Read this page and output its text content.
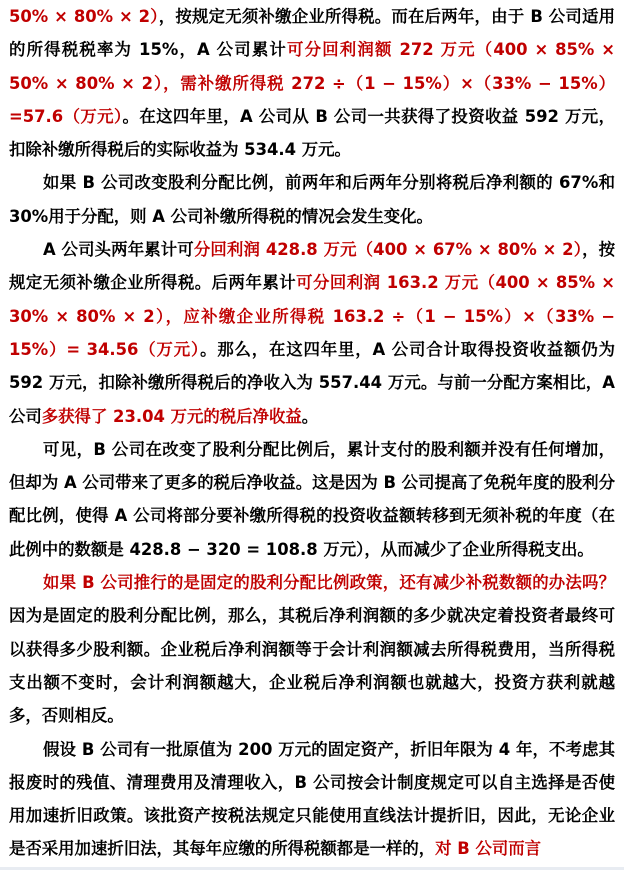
50% × 80% × 2），按规定无须补缴企业所得税。而在后两年，由于 B 公司适用的所得税税率为 15%，A 公司累计可分回利润额 272 万元（400 × 85% × 50% × 80% × 2），需补缴所得税 272 ÷（1 − 15%）×（33% − 15%）=57.6（万元）。在这四年里，A 公司从 B 公司一共获得了投资收益 592 万元，扣除补缴所得税后的实际收益为 534.4 万元。

如果 B 公司改变股利分配比例，前两年和后两年分别将税后净利额的 67%和 30%用于分配，则 A 公司补缴所得税的情况会发生变化。

A 公司头两年累计可分回利润 428.8 万元（400 × 67% × 80% × 2），按规定无须补缴企业所得税。后两年累计可分回利润 163.2 万元（400 × 85% × 30% × 80% × 2），应补缴企业所得税 163.2 ÷（1 − 15%）×（33% − 15%）= 34.56（万元）。那么，在这四年里，A 公司合计取得投资收益额仍为 592 万元，扣除补缴所得税后的净收入为 557.44 万元。与前一分配方案相比，A 公司多获得了 23.04 万元的税后净收益。

可见，B 公司在改变了股利分配比例后，累计支付的股利额并没有任何增加，但却为 A 公司带来了更多的税后净收益。这是因为 B 公司提高了免税年度的股利分配比例，使得 A 公司将部分要补缴所得税的投资收益额转移到无须补税的年度（在此例中的数额是 428.8 − 320 = 108.8 万元），从而减少了企业所得税支出。

如果 B 公司推行的是固定的股利分配比例政策，还有减少补税数额的办法吗？因为是固定的股利分配比例，那么，其税后净利润额的多少就决定着投资者最终可以获得多少股利额。企业税后净利润额等于会计利润额减去所得税费用，当所得税支出额不变时，会计利润额越大，企业税后净利润额也就越大，投资方获利就越多，否则相反。

假设 B 公司有一批原值为 200 万元的固定资产，折旧年限为 4 年，不考虑其报废时的残值、清理费用及清理收入，B 公司按会计制度规定可以自主选择是否使用加速折旧政策。该批资产按税法规定只能使用直线法计提折旧，因此，无论企业是否采用加速折旧法，其每年应缴的所得税额都是一样的，对 B 公司而言
